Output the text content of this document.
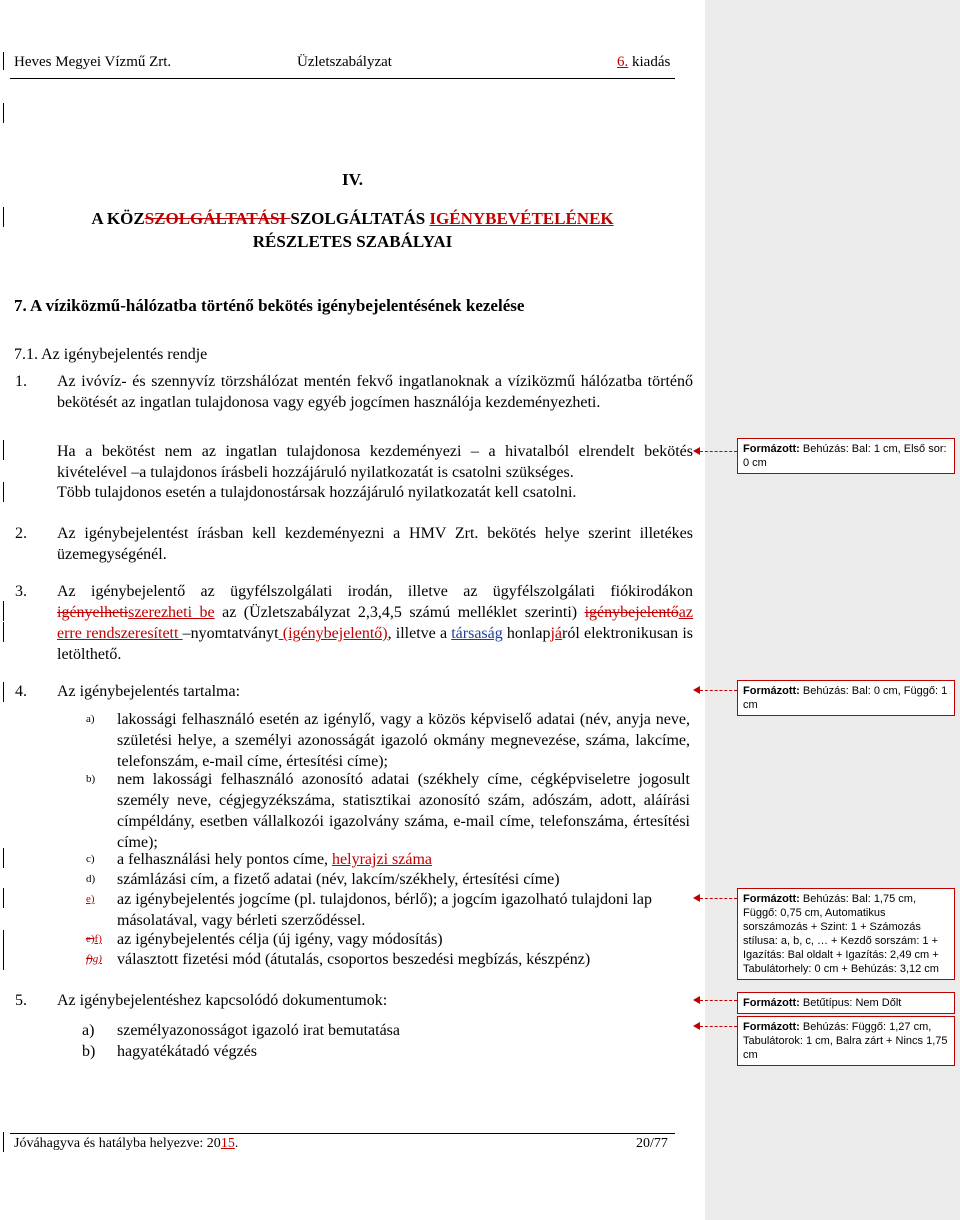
Heves Megyei Vízmű Zrt.	Üzletszabályzat	6. kiadás
IV.
A KÖZSZOLGÁLTATÁSI SZOLGÁLTATÁS IGÉNYBEVÉTELÉNEK
RÉSZLETES SZABÁLYAI
7. A víziközmű-hálózatba történő bekötés igénybejelentésének kezelése
7.1. Az igénybejelentés rendje
1. Az ivóvíz- és szennyvíz törzshálózat mentén fekvő ingatlanoknak a víziközmű hálózatba történő bekötését az ingatlan tulajdonosa vagy egyéb jogcímen használója kezdeményezheti.
Ha a bekötést nem az ingatlan tulajdonosa kezdeményezi – a hivatalból elrendelt bekötés kivételével –a tulajdonos írásbeli hozzájáruló nyilatkozatát is csatolni szükséges.
Több tulajdonos esetén a tulajdonostársak hozzájáruló nyilatkozatát kell csatolni.
2. Az igénybejelentést írásban kell kezdeményezni a HMV Zrt. bekötés helye szerint illetékes üzemegységénél.
3. Az igénybejelentő az ügyfélszolgálati irodán, illetve az ügyfélszolgálati fiókirodákon igényelhetiszerezheti be az (Üzletszabályzat 2,3,4,5 számú melléklet szerinti) igénybejelentőaz erre rendszeresített –nyomtatványt (igénybejelentő), illetve a társaság honlapjáról elektronikusan is letölthető.
4. Az igénybejelentés tartalma:
a) lakossági felhasználó esetén az igénylő, vagy a közös képviselő adatai (név, anyja neve, születési helye, a személyi azonosságát igazoló okmány megnevezése, száma, lakcíme, telefonszám, e-mail címe, értesítési címe);
b) nem lakossági felhasználó azonosító adatai (székhely címe, cégképviseletre jogosult személy neve, cégjegyzékszáma, statisztikai azonosító szám, adószám, adott, aláírási címpéldány, esetben vállalkozói igazolvány száma, e-mail címe, telefonszáma, értesítési címe);
c) a felhasználási hely pontos címe, helyrajzi száma
d) számlázási cím, a fizető adatai (név, lakcím/székhely, értesítési címe)
e) az igénybejelentés jogcíme (pl. tulajdonos, bérlő); a jogcím igazolható tulajdoni lap másolatával, vagy bérleti szerződéssel.
e)f) az igénybejelentés célja (új igény, vagy módosítás)
f)g) választott fizetési mód (átutalás, csoportos beszedési megbízás, készpénz)
5. Az igénybejelentéshez kapcsolódó dokumentumok:
a) személyazonosságot igazoló irat bemutatása
b) hagyatékátadó végzés
Jóváhagyva és hatályba helyezve: 2015.	20/77
Formázott: Behúzás: Bal: 1 cm, Első sor: 0 cm
Formázott: Behúzás: Bal: 0 cm, Függő: 1 cm
Formázott: Behúzás: Bal: 1,75 cm, Függő: 0,75 cm, Automatikus sorszámozás + Szint: 1 + Számozás stílusa: a, b, c, … + Kezdő sorszám: 1 + Igazítás: Bal oldalt + Igazítás: 2,49 cm + Tabulátorhely: 0 cm + Behúzás: 3,12 cm
Formázott: Betűtípus: Nem Dőlt
Formázott: Behúzás: Függő: 1,27 cm, Tabulátorok: 1 cm, Balra zárt + Nincs 1,75 cm
